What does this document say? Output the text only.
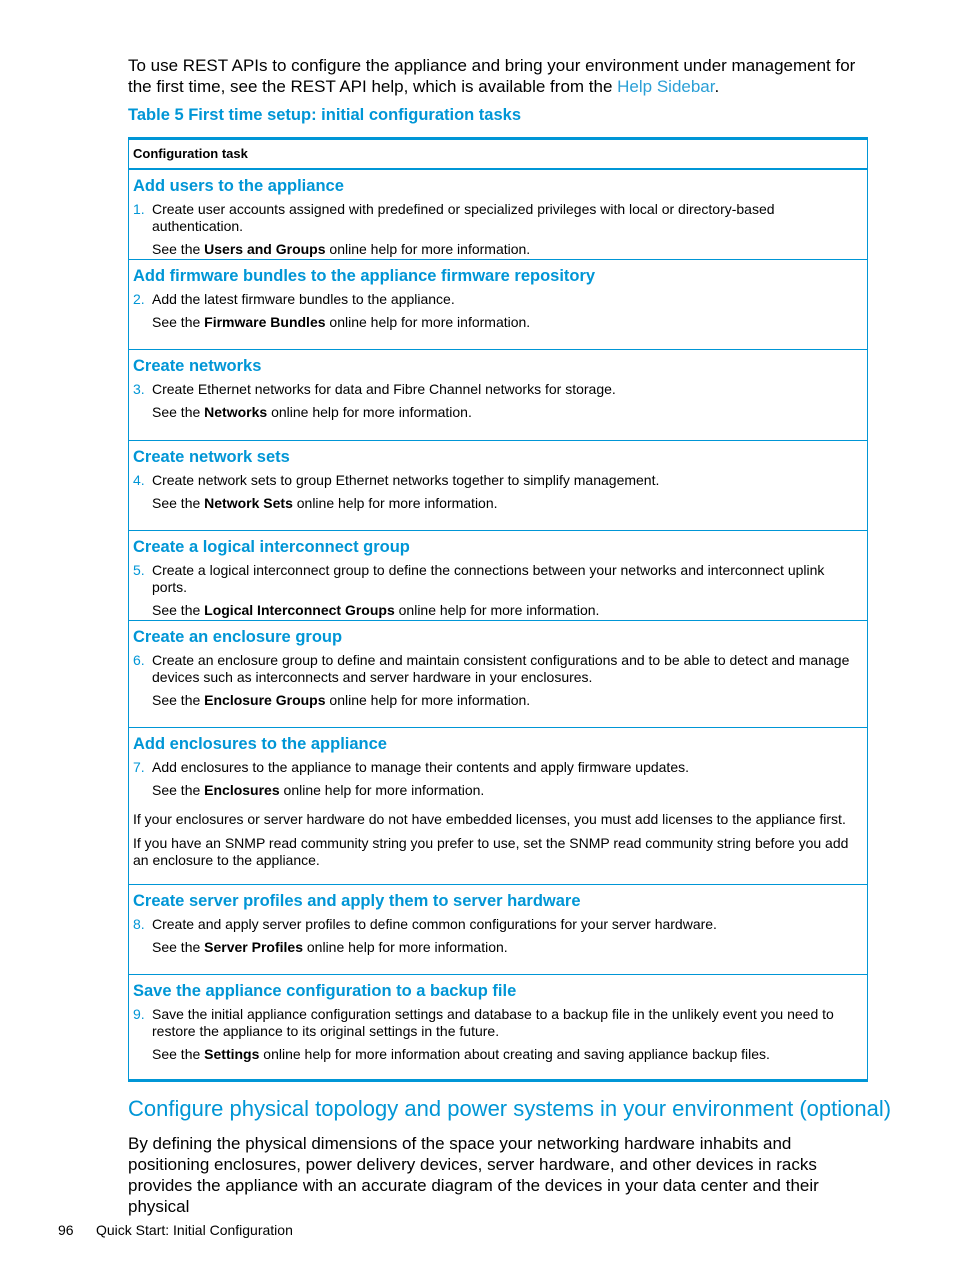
To use REST APIs to configure the appliance and bring your environment under management for the first time, see the REST API help, which is available from the Help Sidebar.

Table 5 First time setup: initial configuration tasks

Configuration task
Add users to the appliance
1. Create user accounts assigned with predefined or specialized privileges with local or directory-based authentication.
See the Users and Groups online help for more information.
Add firmware bundles to the appliance firmware repository
2. Add the latest firmware bundles to the appliance.
See the Firmware Bundles online help for more information.
Create networks
3. Create Ethernet networks for data and Fibre Channel networks for storage.
See the Networks online help for more information.
Create network sets
4. Create network sets to group Ethernet networks together to simplify management.
See the Network Sets online help for more information.
Create a logical interconnect group
5. Create a logical interconnect group to define the connections between your networks and interconnect uplink ports.
See the Logical Interconnect Groups online help for more information.
Create an enclosure group
6. Create an enclosure group to define and maintain consistent configurations and to be able to detect and manage devices such as interconnects and server hardware in your enclosures.
See the Enclosure Groups online help for more information.
Add enclosures to the appliance
7. Add enclosures to the appliance to manage their contents and apply firmware updates.
See the Enclosures online help for more information.
If your enclosures or server hardware do not have embedded licenses, you must add licenses to the appliance first.
If you have an SNMP read community string you prefer to use, set the SNMP read community string before you add an enclosure to the appliance.
Create server profiles and apply them to server hardware
8. Create and apply server profiles to define common configurations for your server hardware.
See the Server Profiles online help for more information.
Save the appliance configuration to a backup file
9. Save the initial appliance configuration settings and database to a backup file in the unlikely event you need to restore the appliance to its original settings in the future.
See the Settings online help for more information about creating and saving appliance backup files.
Configure physical topology and power systems in your environment (optional)

By defining the physical dimensions of the space your networking hardware inhabits and positioning enclosures, power delivery devices, server hardware, and other devices in racks provides the appliance with an accurate diagram of the devices in your data center and their physical

96 Quick Start: Initial Configuration
